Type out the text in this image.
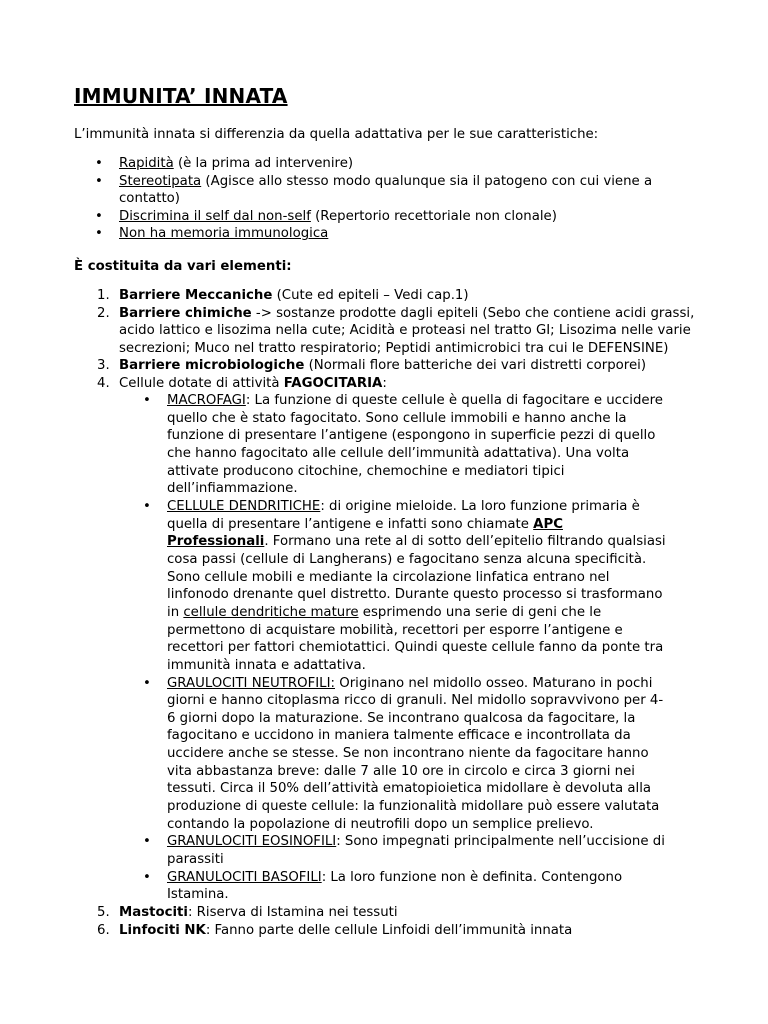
IMMUNITA’ INNATA

L’immunità innata si differenzia da quella adattativa per le sue caratteristiche:

• Rapidità (è la prima ad intervenire)
• Stereotipata (Agisce allo stesso modo qualunque sia il patogeno con cui viene a contatto)
• Discrimina il self dal non-self (Repertorio recettoriale non clonale)
• Non ha memoria immunologica

È costituita da vari elementi:

1. Barriere Meccaniche (Cute ed epiteli – Vedi cap.1)
2. Barriere chimiche -> sostanze prodotte dagli epiteli (Sebo che contiene acidi grassi, acido lattico e lisozima nella cute; Acidità e proteasi nel tratto GI; Lisozima nelle varie secrezioni; Muco nel tratto respiratorio; Peptidi antimicrobici tra cui le DEFENSINE)
3. Barriere microbiologiche (Normali flore batteriche dei vari distretti corporei)
4. Cellule dotate di attività FAGOCITARIA:
• MACROFAGI: La funzione di queste cellule è quella di fagocitare e uccidere quello che è stato fagocitato. Sono cellule immobili e hanno anche la funzione di presentare l’antigene (espongono in superficie pezzi di quello che hanno fagocitato alle cellule dell’immunità adattativa). Una volta attivate producono citochine, chemochine e mediatori tipici dell’infiammazione.
• CELLULE DENDRITICHE: di origine mieloide. La loro funzione primaria è quella di presentare l’antigene e infatti sono chiamate APC Professionali. Formano una rete al di sotto dell’epitelio filtrando qualsiasi cosa passi (cellule di Langherans) e fagocitano senza alcuna specificità. Sono cellule mobili e mediante la circolazione linfatica entrano nel linfonodo drenante quel distretto. Durante questo processo si trasformano in cellule dendritiche mature esprimendo una serie di geni che le permettono di acquistare mobilità, recettori per esporre l’antigene e recettori per fattori chemiotattici. Quindi queste cellule fanno da ponte tra immunità innata e adattativa.
• GRAULOCITI NEUTROFILI: Originano nel midollo osseo. Maturano in pochi giorni e hanno citoplasma ricco di granuli. Nel midollo sopravvivono per 4-6 giorni dopo la maturazione. Se incontrano qualcosa da fagocitare, la fagocitano e uccidono in maniera talmente efficace e incontrollata da uccidere anche se stesse. Se non incontrano niente da fagocitare hanno vita abbastanza breve: dalle 7 alle 10 ore in circolo e circa 3 giorni nei tessuti. Circa il 50% dell’attività ematopioietica midollare è devoluta alla produzione di queste cellule: la funzionalità midollare può essere valutata contando la popolazione di neutrofili dopo un semplice prelievo.
• GRANULOCITI EOSINOFILI: Sono impegnati principalmente nell’uccisione di parassiti
• GRANULOCITI BASOFILI: La loro funzione non è definita. Contengono Istamina.
5. Mastociti: Riserva di Istamina nei tessuti
6. Linfociti NK: Fanno parte delle cellule Linfoidi dell’immunità innata
